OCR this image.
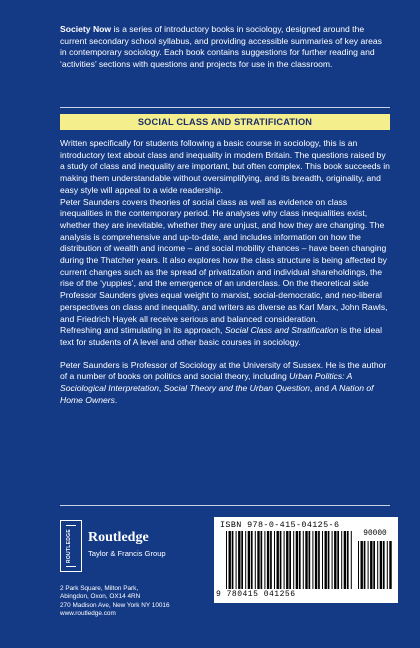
Society Now is a series of introductory books in sociology, designed around the current secondary school syllabus, and providing accessible summaries of key areas in contemporary sociology. Each book contains suggestions for further reading and ‘activities’ sections with questions and projects for use in the classroom.
SOCIAL CLASS AND STRATIFICATION

Written specifically for students following a basic course in sociology, this is an introductory text about class and inequality in modern Britain. The questions raised by a study of class and inequality are important, but often complex. This book succeeds in making them understandable without oversimplifying, and its breadth, originality, and easy style will appeal to a wide readership.

Peter Saunders covers theories of social class as well as evidence on class inequalities in the contemporary period. He analyses why class inequalities exist, whether they are inevitable, whether they are unjust, and how they are changing. The analysis is comprehensive and up-to-date, and includes information on how the distribution of wealth and income – and social mobility chances – have been changing during the Thatcher years. It also explores how the class structure is being affected by current changes such as the spread of privatization and individual shareholdings, the rise of the ‘yuppies’, and the emergence of an underclass. On the theoretical side Professor Saunders gives equal weight to marxist, social-democratic, and neo-liberal perspectives on class and inequality, and writers as diverse as Karl Marx, John Rawls, and Friedrich Hayek all receive serious and balanced consideration.

Refreshing and stimulating in its approach, Social Class and Stratification is the ideal text for students of A level and other basic courses in sociology.

Peter Saunders is Professor of Sociology at the University of Sussex. He is the author of a number of books on politics and social theory, including Urban Politics: A Sociological Interpretation, Social Theory and the Urban Question, and A Nation of Home Owners.

ROUTLEDGE Routledge
Taylor & Francis Group
2 Park Square, Milton Park,
Abingdon, Oxon, OX14 4RN
270 Madison Ave, New York NY 10016
www.routledge.com
ISBN 978-0-415-04125-6
90000
9 780415 041256
